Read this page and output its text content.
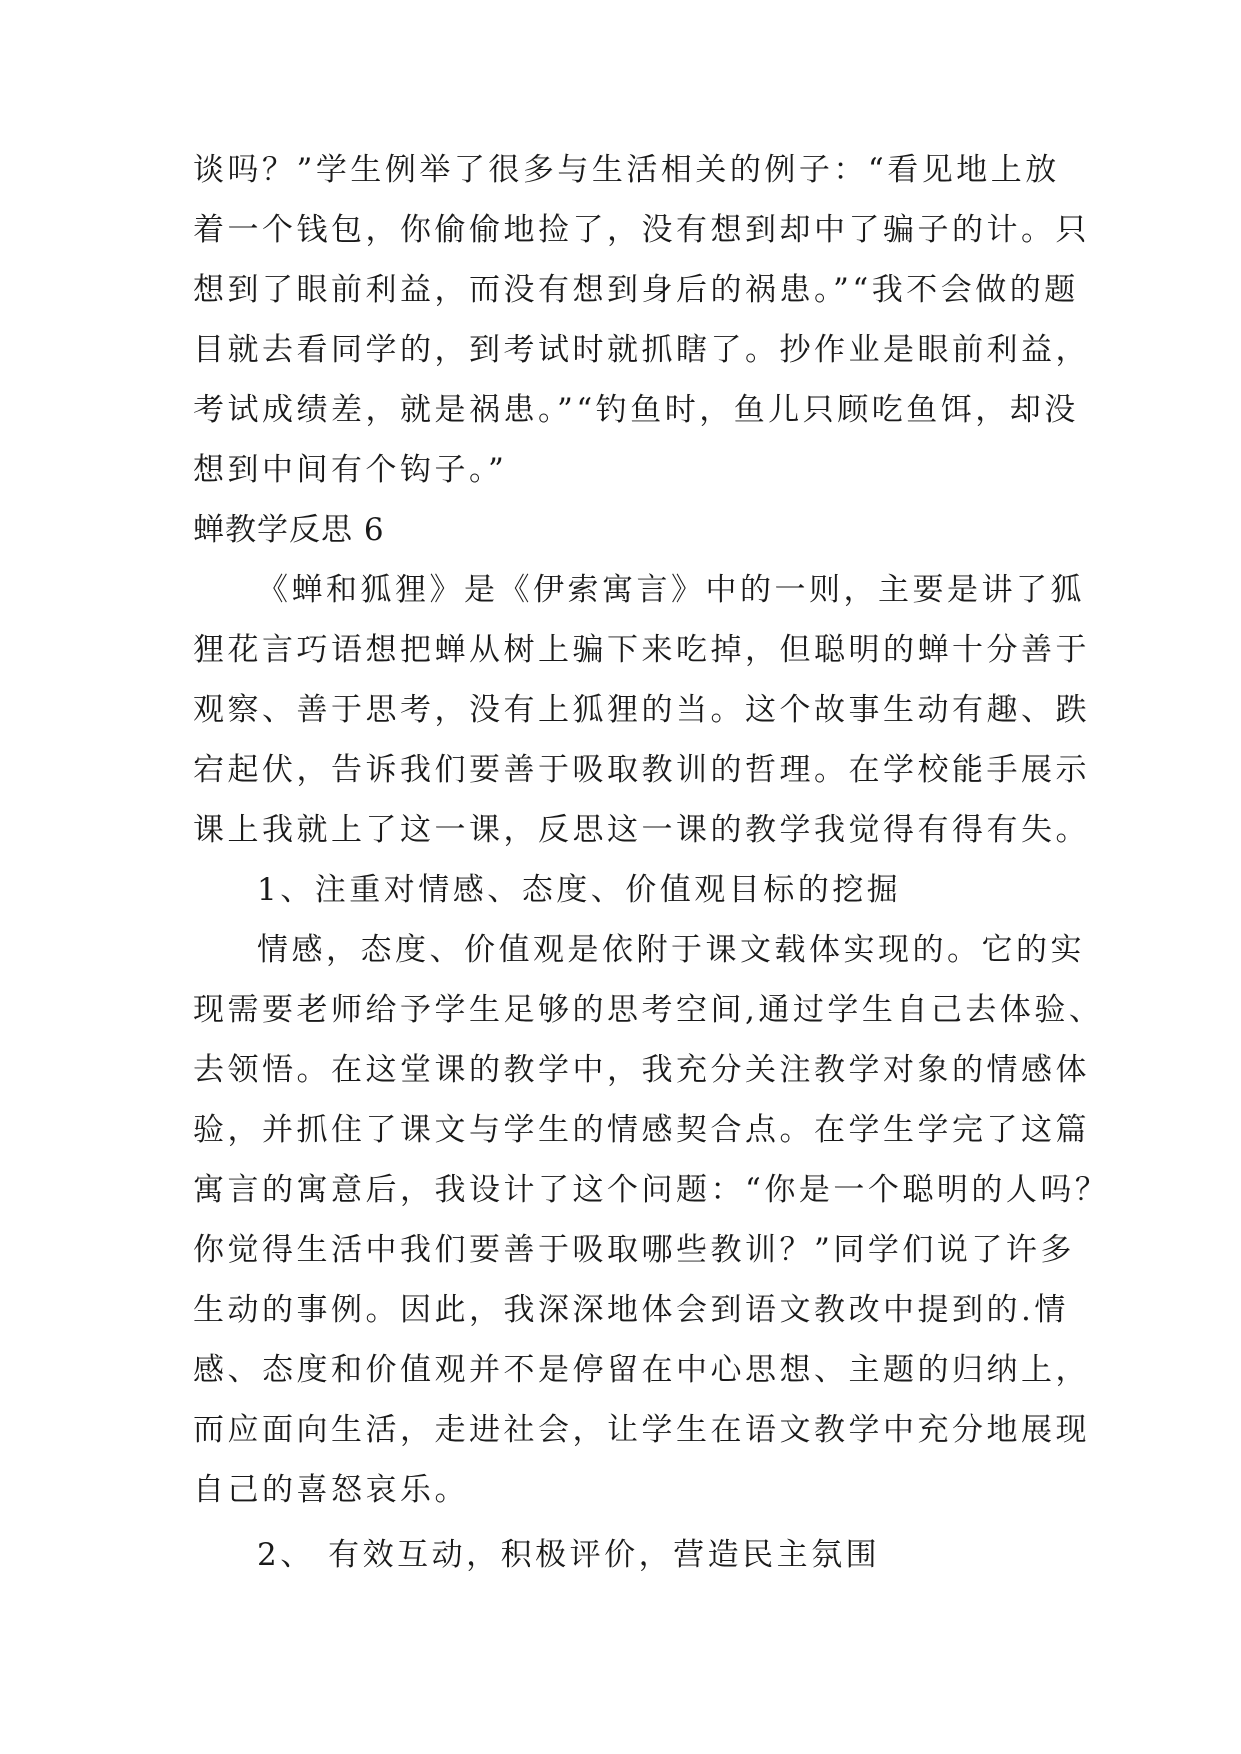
谈吗？”学生例举了很多与生活相关的例子：“看见地上放
着一个钱包，你偷偷地捡了，没有想到却中了骗子的计。只
想到了眼前利益，而没有想到身后的祸患。”“我不会做的题
目就去看同学的，到考试时就抓瞎了。抄作业是眼前利益，
考试成绩差，就是祸患。”“钓鱼时，鱼儿只顾吃鱼饵，却没
想到中间有个钩子。”
蝉教学反思 6
《蝉和狐狸》是《伊索寓言》中的一则，主要是讲了狐
狸花言巧语想把蝉从树上骗下来吃掉，但聪明的蝉十分善于
观察、善于思考，没有上狐狸的当。这个故事生动有趣、跌
宕起伏，告诉我们要善于吸取教训的哲理。在学校能手展示
课上我就上了这一课，反思这一课的教学我觉得有得有失。
1、注重对情感、态度、价值观目标的挖掘
情感，态度、价值观是依附于课文载体实现的。它的实
现需要老师给予学生足够的思考空间,通过学生自己去体验、
去领悟。在这堂课的教学中，我充分关注教学对象的情感体
验，并抓住了课文与学生的情感契合点。在学生学完了这篇
寓言的寓意后，我设计了这个问题：“你是一个聪明的人吗？
你觉得生活中我们要善于吸取哪些教训？”同学们说了许多
生动的事例。因此，我深深地体会到语文教改中提到的.情
感、态度和价值观并不是停留在中心思想、主题的归纳上，
而应面向生活，走进社会，让学生在语文教学中充分地展现
自己的喜怒哀乐。
2、 有效互动，积极评价，营造民主氛围
